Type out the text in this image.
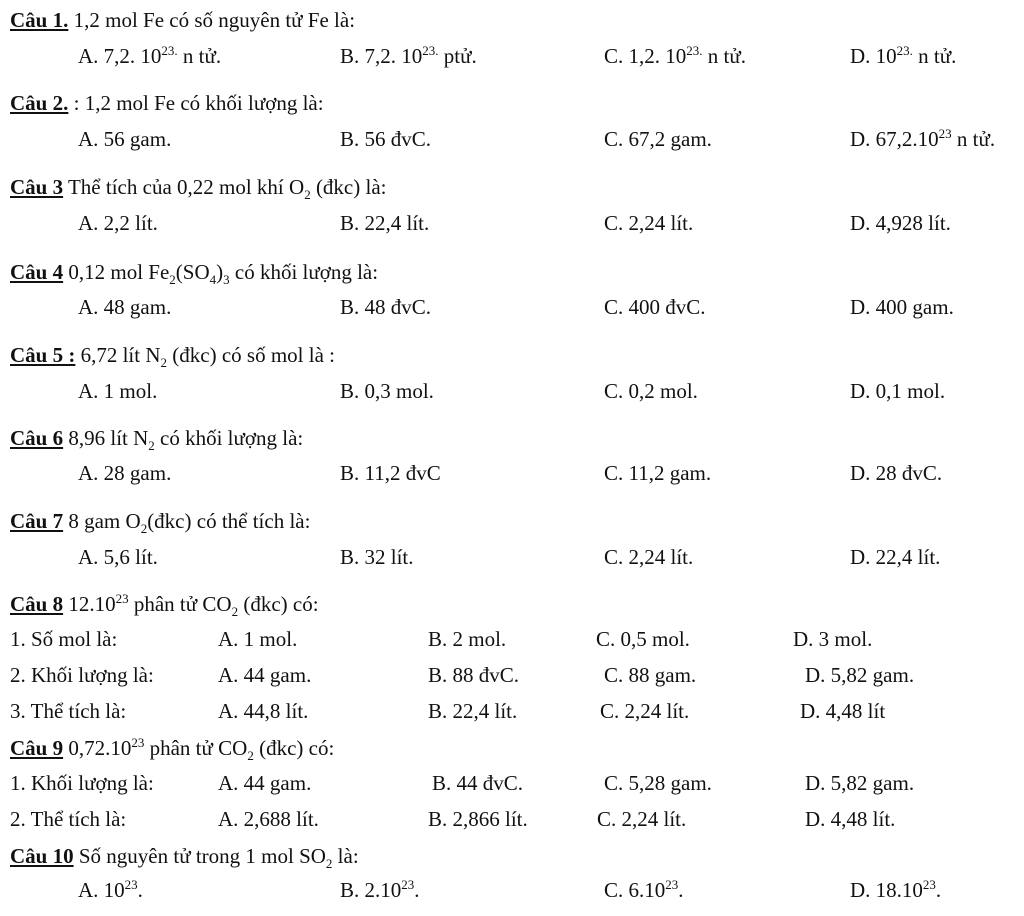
Câu 1. 1,2 mol Fe có số nguyên tử Fe là:
A. 7,2. $10^{23.}$ n tử.	B. 7,2. $10^{23.}$ ptử.	C. 1,2. $10^{23.}$ n tử.	D. $10^{23.}$ n tử.
Câu 2. : 1,2 mol Fe có khối lượng là:
A. 56 gam.	B. 56 đvC.	C. 67,2 gam.	D. 67,2.10$^{23}$ n tử.
Câu 3 Thể tích của 0,22 mol khí $O_2$ (đkc) là:
A. 2,2 lít.	B. 22,4 lít.	C. 2,24 lít.	D. 4,928 lít.
Câu 4 0,12 mol $Fe_2(SO_4)_3$ có khối lượng là:
A. 48 gam.	B. 48 đvC.	C. 400 đvC.	D. 400 gam.
Câu 5 : 6,72 lít $N_2$ (đkc) có số mol là :
A. 1 mol.	B. 0,3 mol.	C. 0,2 mol.	D. 0,1 mol.
Câu 6 8,96 lít $N_2$ có khối lượng là:
A. 28 gam.	B. 11,2 đvC	C. 11,2 gam.	D. 28 đvC.
Câu 7 8 gam $O_2(đkc)$ có thể tích là:
A. 5,6 lít.	B. 32 lít.	C. 2,24 lít.	D. 22,4 lít.
Câu 8 12.10$^{23}$ phân tử $CO_2$ (đkc) có:
1. Số mol là:	A. 1 mol.	B. 2 mol.	C. 0,5 mol.	D. 3 mol.
2. Khối lượng là:	A. 44 gam.	B. 88 đvC.	C. 88 gam.	D. 5,82 gam.
3. Thể tích là:	A. 44,8 lít.	B. 22,4 lít.	C. 2,24 lít.	D. 4,48 lít
Câu 9 0,72.10$^{23}$ phân tử $CO_2$ (đkc) có:
1. Khối lượng là:	A. 44 gam.	B. 44 đvC.	C. 5,28 gam.	D. 5,82 gam.
2. Thể tích là:	A. 2,688 lít.	B. 2,866 lít.	C. 2,24 lít.	D. 4,48 lít.
Câu 10 Số nguyên tử trong 1 mol $SO_2$ là:
A. $10^{23}$.	B. 2.10$^{23}$.	C. 6.10$^{23}$.	D. 18.10$^{23}$.
